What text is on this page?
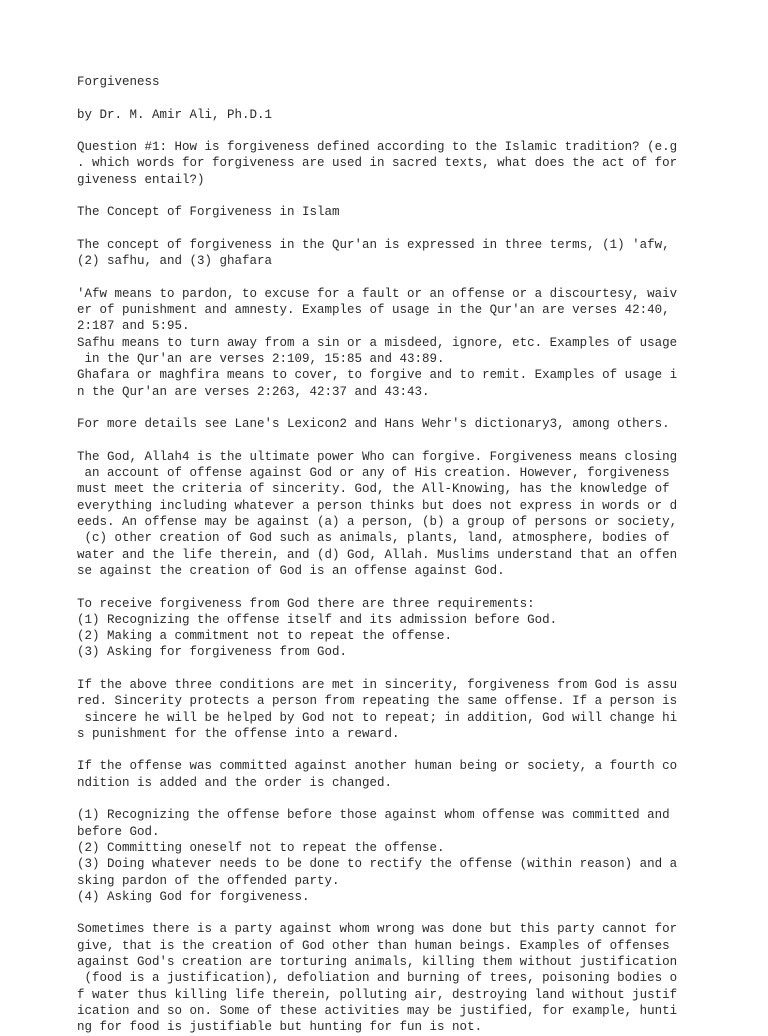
Forgiveness
by Dr. M. Amir Ali, Ph.D.1
Question #1: How is forgiveness defined according to the Islamic tradition? (e.g
. which words for forgiveness are used in sacred texts, what does the act of for
giveness entail?)
The Concept of Forgiveness in Islam
The concept of forgiveness in the Qur'an is expressed in three terms, (1) 'afw,
(2) safhu, and (3) ghafara
'Afw means to pardon, to excuse for a fault or an offense or a discourtesy, waiv
er of punishment and amnesty. Examples of usage in the Qur'an are verses 42:40,
2:187 and 5:95.
Safhu means to turn away from a sin or a misdeed, ignore, etc. Examples of usage
in the Qur'an are verses 2:109, 15:85 and 43:89.
Ghafara or maghfira means to cover, to forgive and to remit. Examples of usage i
n the Qur'an are verses 2:263, 42:37 and 43:43.
For more details see Lane's Lexicon2 and Hans Wehr's dictionary3, among others.
The God, Allah4 is the ultimate power Who can forgive. Forgiveness means closing
an account of offense against God or any of His creation. However, forgiveness
must meet the criteria of sincerity. God, the All-Knowing, has the knowledge of
everything including whatever a person thinks but does not express in words or d
eeds. An offense may be against (a) a person, (b) a group of persons or society,
(c) other creation of God such as animals, plants, land, atmosphere, bodies of
water and the life therein, and (d) God, Allah. Muslims understand that an offen
se against the creation of God is an offense against God.
To receive forgiveness from God there are three requirements:
(1) Recognizing the offense itself and its admission before God.
(2) Making a commitment not to repeat the offense.
(3) Asking for forgiveness from God.
If the above three conditions are met in sincerity, forgiveness from God is assu
red. Sincerity protects a person from repeating the same offense. If a person is
sincere he will be helped by God not to repeat; in addition, God will change hi
s punishment for the offense into a reward.
If the offense was committed against another human being or society, a fourth co
ndition is added and the order is changed.
(1) Recognizing the offense before those against whom offense was committed and
before God.
(2) Committing oneself not to repeat the offense.
(3) Doing whatever needs to be done to rectify the offense (within reason) and a
sking pardon of the offended party.
(4) Asking God for forgiveness.
Sometimes there is a party against whom wrong was done but this party cannot for
give, that is the creation of God other than human beings. Examples of offenses
against God's creation are torturing animals, killing them without justification
(food is a justification), defoliation and burning of trees, poisoning bodies o
f water thus killing life therein, polluting air, destroying land without justif
ication and so on. Some of these activities may be justified, for example, hunti
ng for food is justifiable but hunting for fun is not.
